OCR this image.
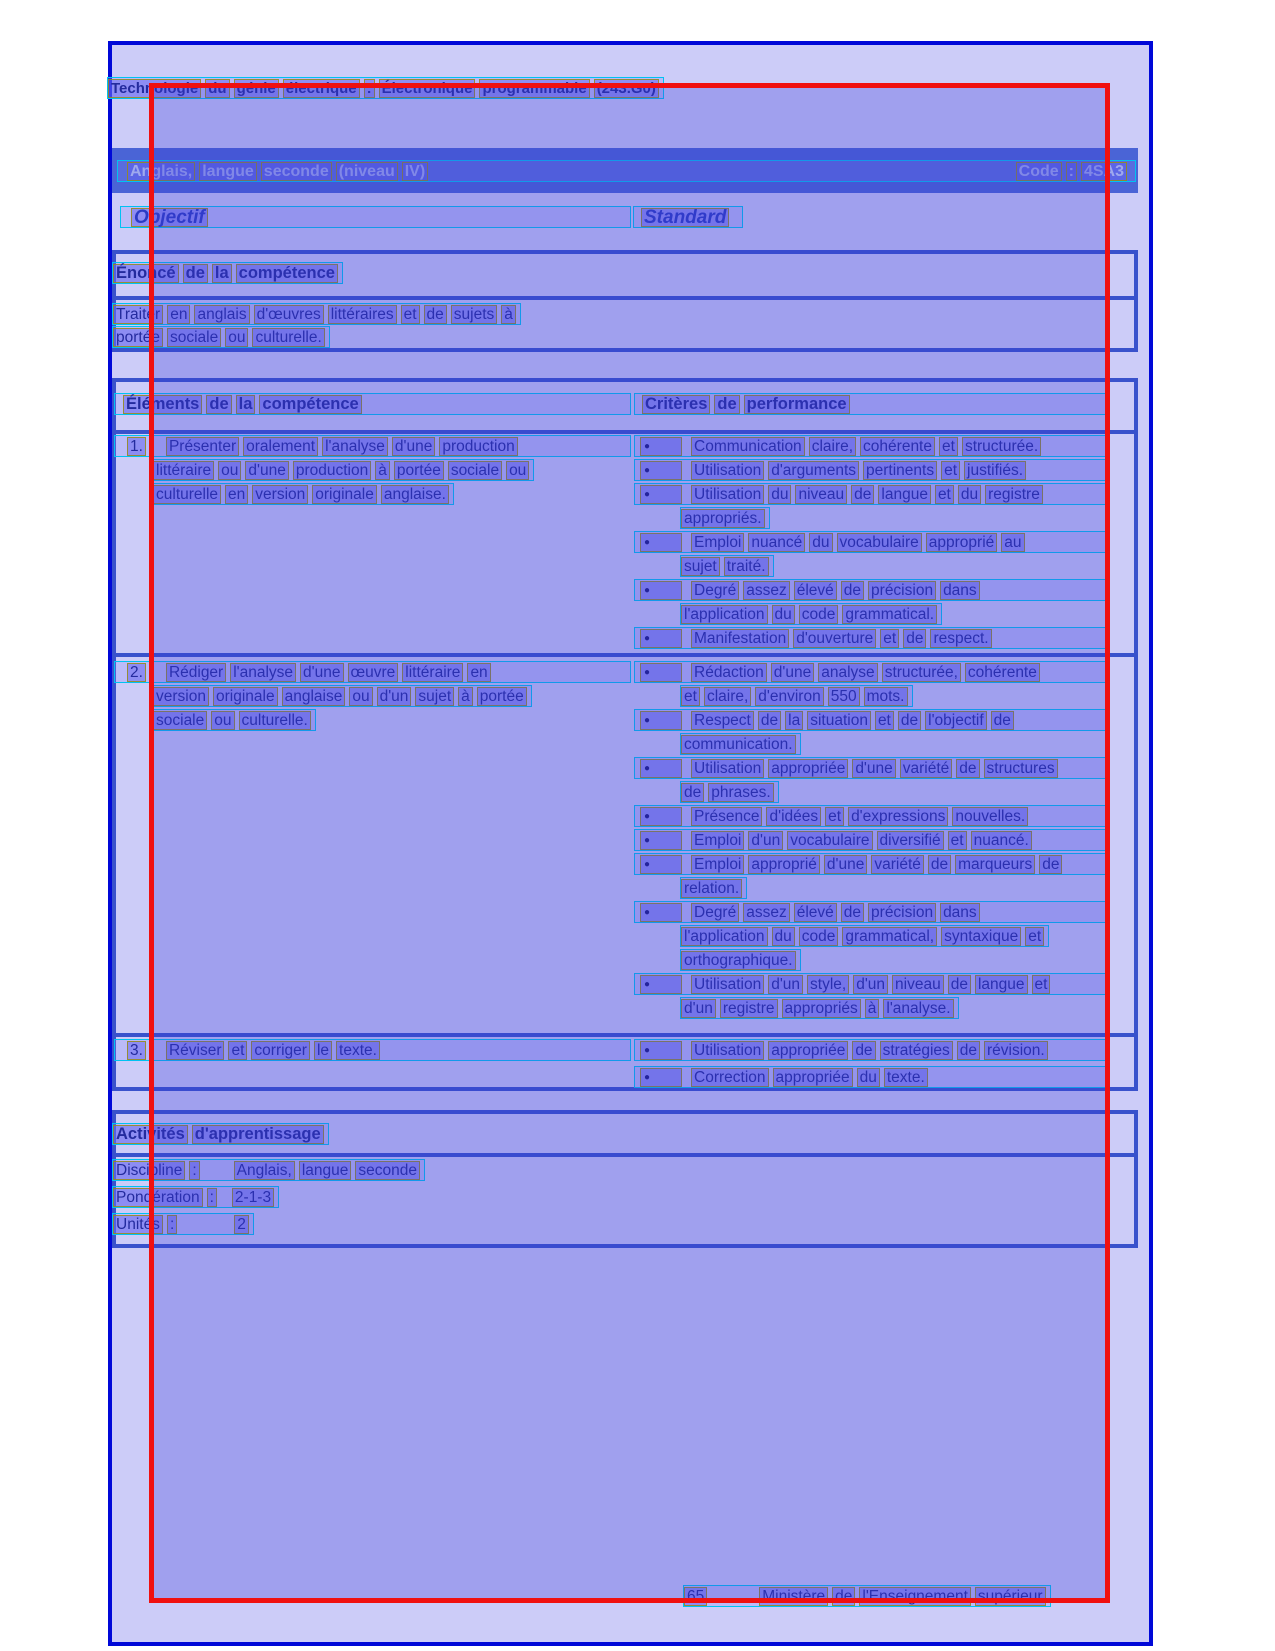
Technologie du génie électrique : Électronique programmable (243.G0)
Anglais, langue seconde (niveau IV)	Code : 4SA3
Objectif	Standard
Énoncé de la compétence
Traiter en anglais d'œuvres littéraires et de sujets à
portée sociale ou culturelle.
Éléments de la compétence	Critères de performance
1. Présenter oralement l'analyse d'une production
littéraire ou d'une production à portée sociale ou
culturelle en version originale anglaise.
●	Communication claire, cohérente et structurée.
●	Utilisation d'arguments pertinents et justifiés.
●	Utilisation du niveau de langue et du registre
appropriés.
●	Emploi nuancé du vocabulaire approprié au
sujet traité.
●	Degré assez élevé de précision dans
l'application du code grammatical.
●	Manifestation d'ouverture et de respect.
2. Rédiger l'analyse d'une œuvre littéraire en
version originale anglaise ou d'un sujet à portée
sociale ou culturelle.
●	Rédaction d'une analyse structurée, cohérente
et claire, d'environ 550 mots.
●	Respect de la situation et de l'objectif de
communication.
●	Utilisation appropriée d'une variété de structures
de phrases.
●	Présence d'idées et d'expressions nouvelles.
●	Emploi d'un vocabulaire diversifié et nuancé.
●	Emploi approprié d'une variété de marqueurs de
relation.
●	Degré assez élevé de précision dans
l'application du code grammatical, syntaxique et
orthographique.
●	Utilisation d'un style, d'un niveau de langue et
d'un registre appropriés à l'analyse.
3. Réviser et corriger le texte.	●	Utilisation appropriée de stratégies de révision.
●	Correction appropriée du texte.
Activités d'apprentissage
Discipline :	Anglais, langue seconde
Pondération : 2-1-3
Unités :	2
65	Ministère de l'Enseignement supérieur
